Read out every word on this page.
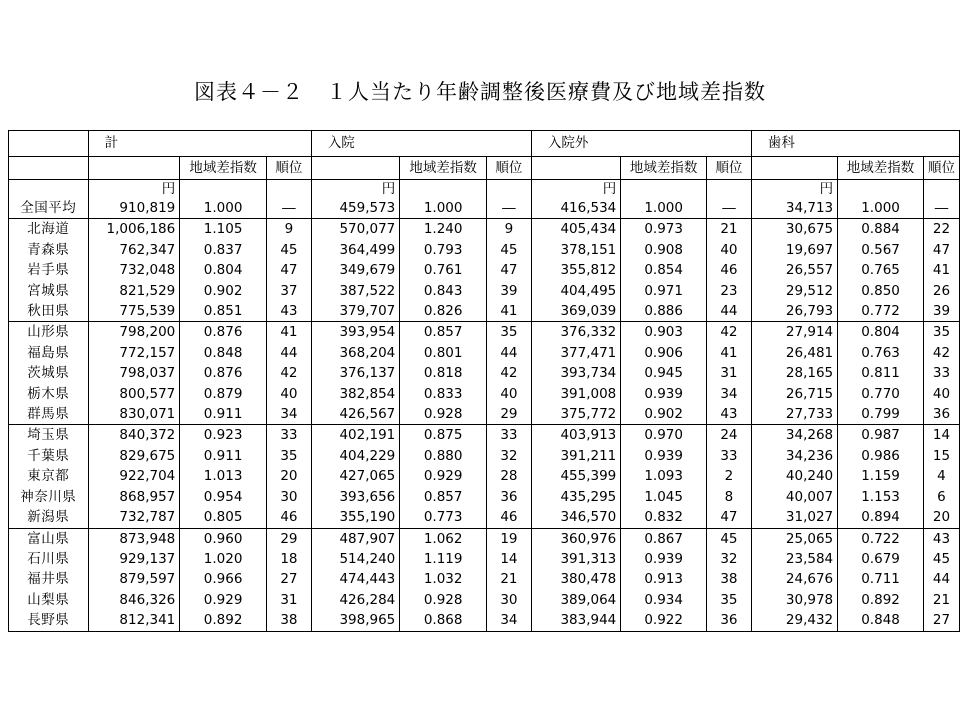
図表４－２　１人当たり年齢調整後医療費及び地域差指数
	計			入院			入院外			歯科		
		地域差指数	順位		地域差指数	順位		地域差指数	順位		地域差指数	順位
	円			円			円			円		
全国平均	910,819	1.000	―	459,573	1.000	―	416,534	1.000	―	34,713	1.000	―
北海道	1,006,186	1.105	9	570,077	1.240	9	405,434	0.973	21	30,675	0.884	22
青森県	762,347	0.837	45	364,499	0.793	45	378,151	0.908	40	19,697	0.567	47
岩手県	732,048	0.804	47	349,679	0.761	47	355,812	0.854	46	26,557	0.765	41
宮城県	821,529	0.902	37	387,522	0.843	39	404,495	0.971	23	29,512	0.850	26
秋田県	775,539	0.851	43	379,707	0.826	41	369,039	0.886	44	26,793	0.772	39
山形県	798,200	0.876	41	393,954	0.857	35	376,332	0.903	42	27,914	0.804	35
福島県	772,157	0.848	44	368,204	0.801	44	377,471	0.906	41	26,481	0.763	42
茨城県	798,037	0.876	42	376,137	0.818	42	393,734	0.945	31	28,165	0.811	33
栃木県	800,577	0.879	40	382,854	0.833	40	391,008	0.939	34	26,715	0.770	40
群馬県	830,071	0.911	34	426,567	0.928	29	375,772	0.902	43	27,733	0.799	36
埼玉県	840,372	0.923	33	402,191	0.875	33	403,913	0.970	24	34,268	0.987	14
千葉県	829,675	0.911	35	404,229	0.880	32	391,211	0.939	33	34,236	0.986	15
東京都	922,704	1.013	20	427,065	0.929	28	455,399	1.093	2	40,240	1.159	4
神奈川県	868,957	0.954	30	393,656	0.857	36	435,295	1.045	8	40,007	1.153	6
新潟県	732,787	0.805	46	355,190	0.773	46	346,570	0.832	47	31,027	0.894	20
富山県	873,948	0.960	29	487,907	1.062	19	360,976	0.867	45	25,065	0.722	43
石川県	929,137	1.020	18	514,240	1.119	14	391,313	0.939	32	23,584	0.679	45
福井県	879,597	0.966	27	474,443	1.032	21	380,478	0.913	38	24,676	0.711	44
山梨県	846,326	0.929	31	426,284	0.928	30	389,064	0.934	35	30,978	0.892	21
長野県	812,341	0.892	38	398,965	0.868	34	383,944	0.922	36	29,432	0.848	27
